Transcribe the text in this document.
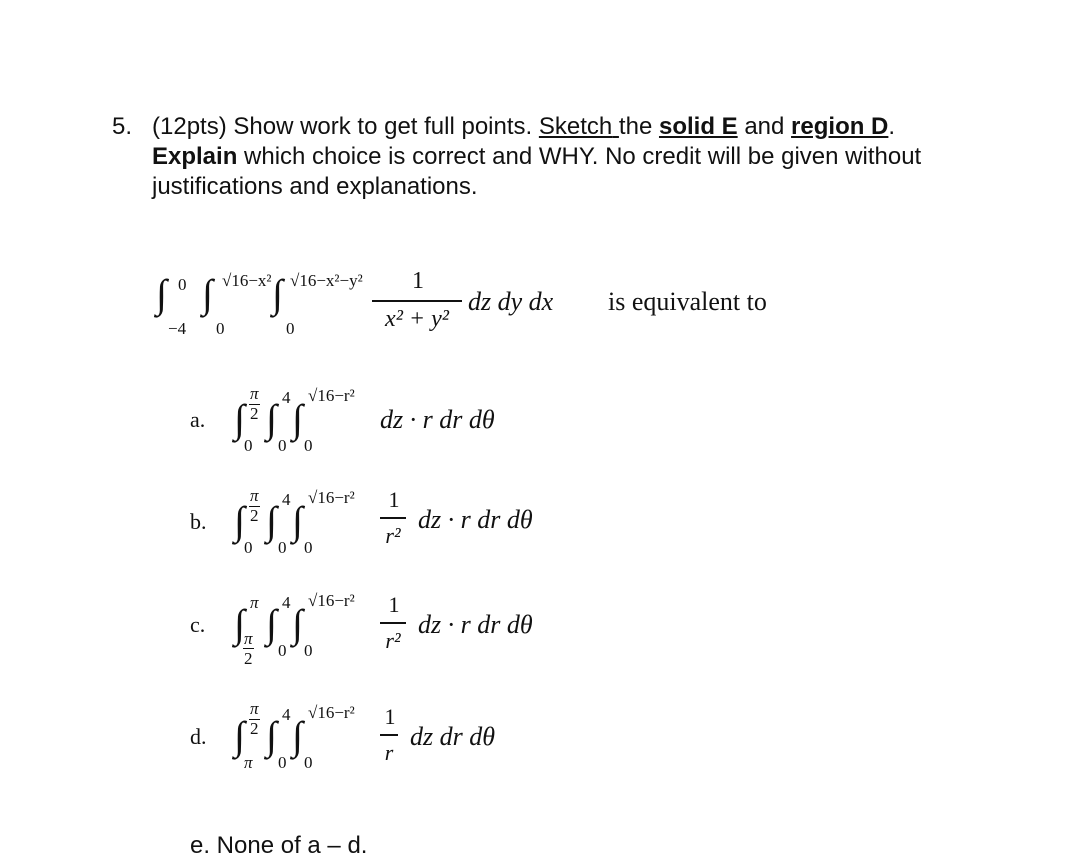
5. (12pts) Show work to get full points. Sketch the solid E and region D.
Explain which choice is correct and WHY. No credit will be given without
justifications and explanations.
∫ 0
−4
∫ √16−x²
0
∫ √16−x²−y²
0
1
x² + y²
dz dy dx is equivalent to
a. ∫
π
2
0
∫ 4
0
∫
√16−r²
0
dz · r dr dθ
b. ∫
π
2
0
∫ 4
0
∫
√16−r²
0
1
r²
dz · r dr dθ
c. ∫ π
π
2
∫ 4
0
∫
√16−r²
0
1
r²
dz · r dr dθ
d. ∫
π
2
π
∫ 4
0
∫
√16−r²
0
1
r
dz dr dθ
e. None of a – d.
